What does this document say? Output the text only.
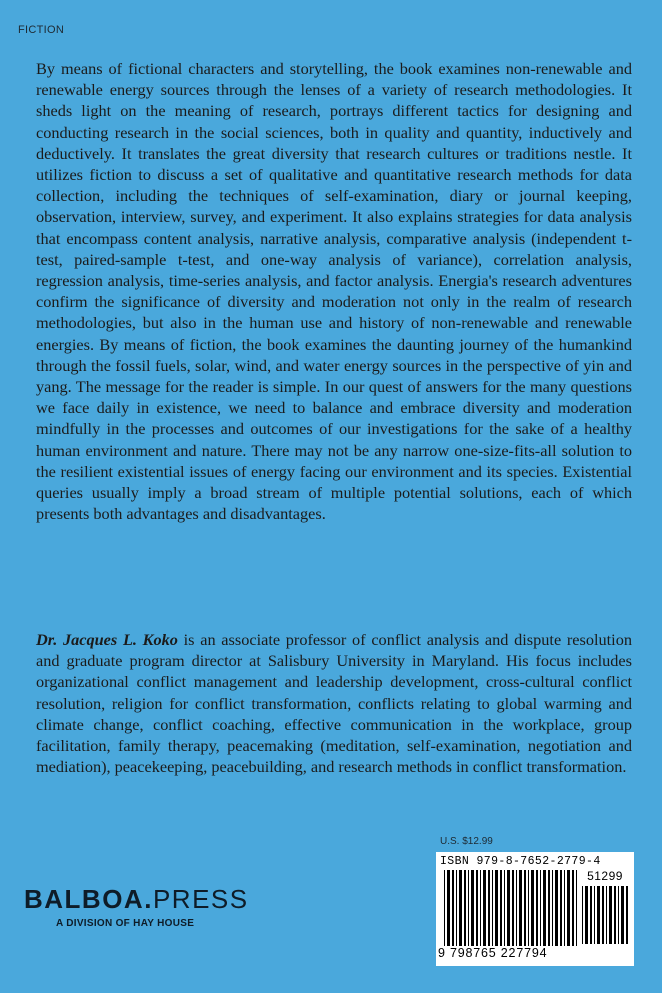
FICTION

By means of fictional characters and storytelling, the book examines non-renewable and renewable energy sources through the lenses of a variety of research methodologies. It sheds light on the meaning of research, portrays different tactics for designing and conducting research in the social sciences, both in quality and quantity, inductively and deductively. It translates the great diversity that research cultures or traditions nestle. It utilizes fiction to discuss a set of qualitative and quantitative research methods for data collection, including the techniques of self-examination, diary or journal keeping, observation, interview, survey, and experiment. It also explains strategies for data analysis that encompass content analysis, narrative analysis, comparative analysis (independent t-test, paired-sample t-test, and one-way analysis of variance), correlation analysis, regression analysis, time-series analysis, and factor analysis. Energia's research adventures confirm the significance of diversity and moderation not only in the realm of research methodologies, but also in the human use and history of non-renewable and renewable energies. By means of fiction, the book examines the daunting journey of the humankind through the fossil fuels, solar, wind, and water energy sources in the perspective of yin and yang. The message for the reader is simple. In our quest of answers for the many questions we face daily in existence, we need to balance and embrace diversity and moderation mindfully in the processes and outcomes of our investigations for the sake of a healthy human environment and nature. There may not be any narrow one-size-fits-all solution to the resilient existential issues of energy facing our environment and its species. Existential queries usually imply a broad stream of multiple potential solutions, each of which presents both advantages and disadvantages.

Dr. Jacques L. Koko is an associate professor of conflict analysis and dispute resolution and graduate program director at Salisbury University in Maryland. His focus includes organizational conflict management and leadership development, cross-cultural conflict resolution, religion for conflict transformation, conflicts relating to global warming and climate change, conflict coaching, effective communication in the workplace, group facilitation, family therapy, peacemaking (meditation, self-examination, negotiation and mediation), peacekeeping, peacebuilding, and research methods in conflict transformation.

U.S. $12.99
ISBN 979-8-7652-2779-4
51299
9 798765 227794
BALBOA.PRESS
A DIVISION OF HAY HOUSE
